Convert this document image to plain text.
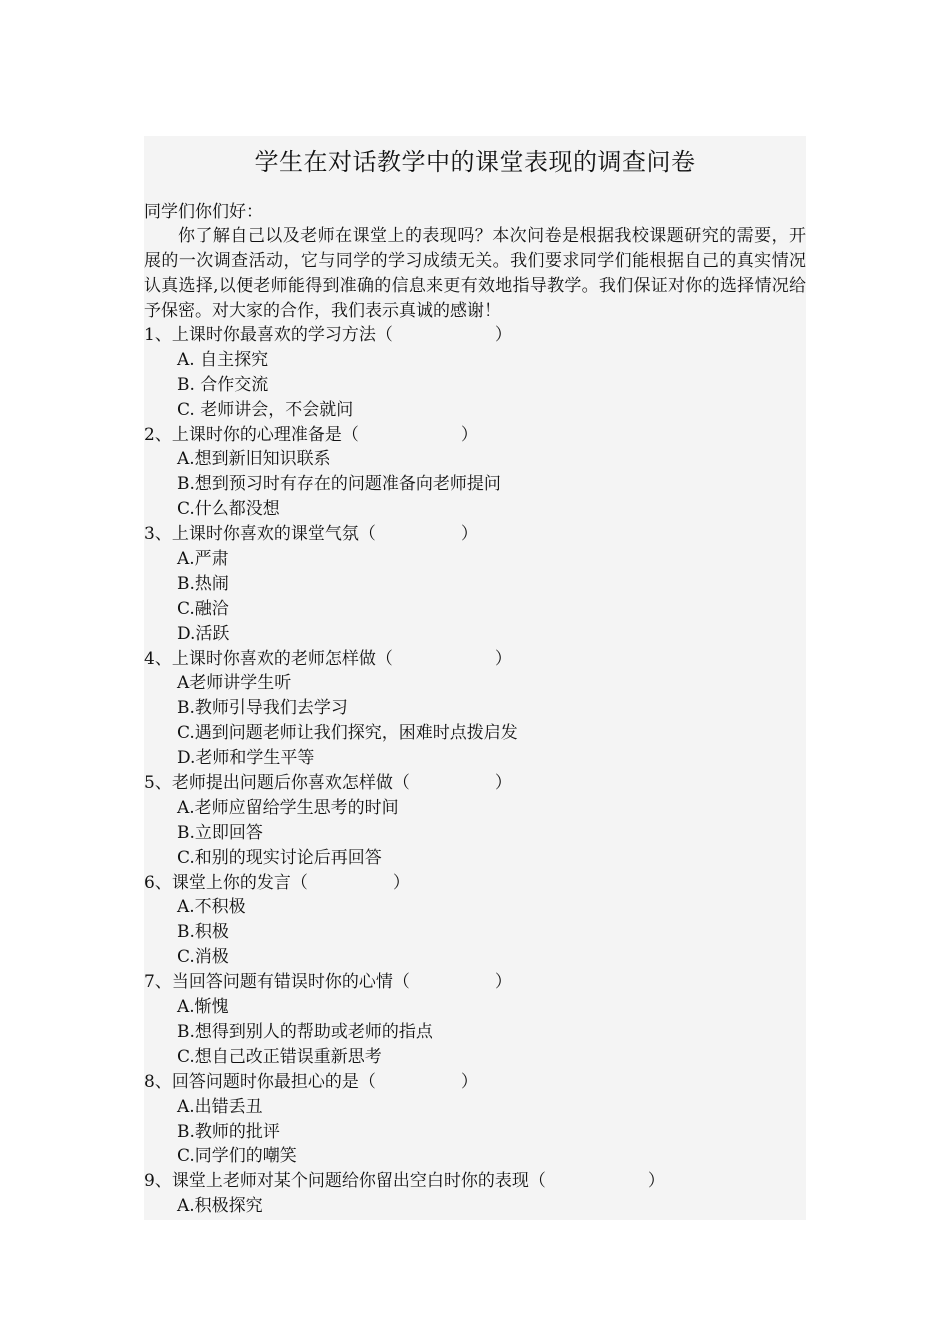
学生在对话教学中的课堂表现的调查问卷
同学们你们好：
你了解自己以及老师在课堂上的表现吗？本次问卷是根据我校课题研究的需要，开展的一次调查活动，它与同学的学习成绩无关。我们要求同学们能根据自己的真实情况认真选择,以便老师能得到准确的信息来更有效地指导教学。我们保证对你的选择情况给予保密。对大家的合作，我们表示真诚的感谢！
1、上课时你最喜欢的学习方法（　　　　　　）
A. 自主探究
B. 合作交流
C. 老师讲会，不会就问
2、上课时你的心理准备是（　　　　　　）
A.想到新旧知识联系
B.想到预习时有存在的问题准备向老师提问
C.什么都没想
3、上课时你喜欢的课堂气氛（　　　　　）
A.严肃
B.热闹
C.融洽
D.活跃
4、上课时你喜欢的老师怎样做（　　　　　　）
A老师讲学生听
B.教师引导我们去学习
C.遇到问题老师让我们探究，困难时点拨启发
D.老师和学生平等
5、老师提出问题后你喜欢怎样做（　　　　　）
A.老师应留给学生思考的时间
B.立即回答
C.和别的现实讨论后再回答
6、课堂上你的发言（　　　　　）
A.不积极
B.积极
C.消极
7、当回答问题有错误时你的心情（　　　　　）
A.惭愧
B.想得到别人的帮助或老师的指点
C.想自己改正错误重新思考
8、回答问题时你最担心的是（　　　　　）
A.出错丢丑
B.教师的批评
C.同学们的嘲笑
9、课堂上老师对某个问题给你留出空白时你的表现（　　　　　　）
A.积极探究
